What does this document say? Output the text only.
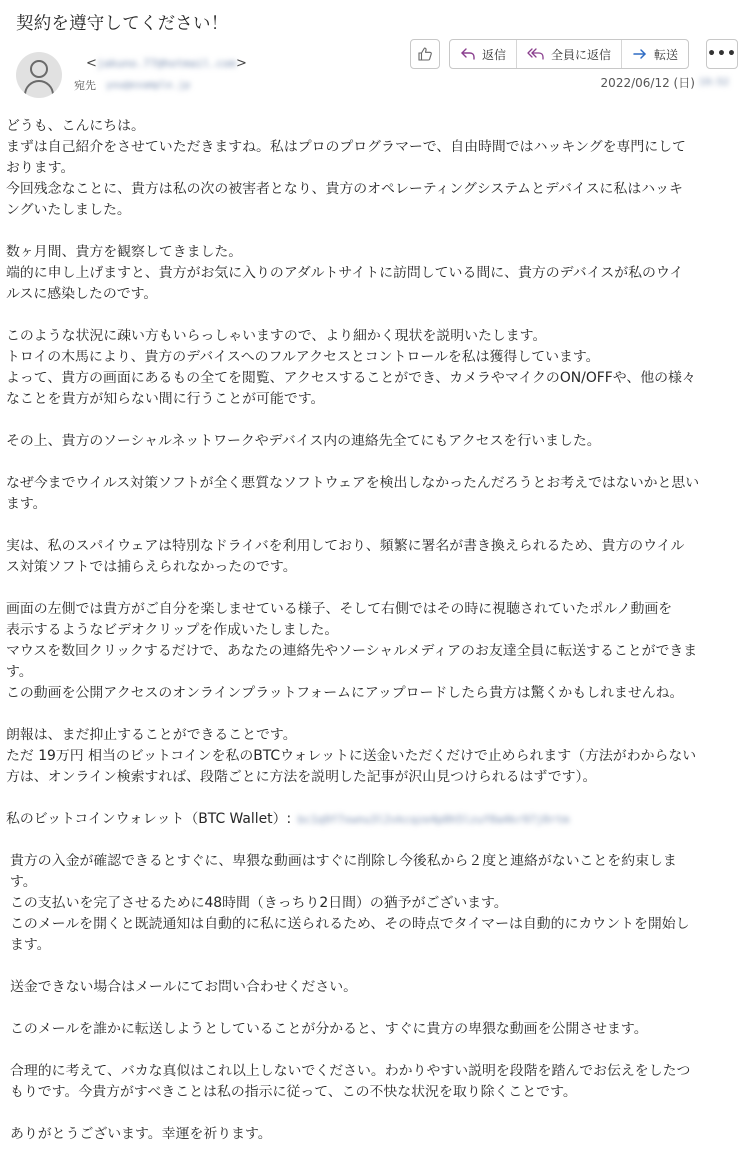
契約を遵守してください！
< jakuno.77@hotmail.com >
宛先 you@example.jp
返信	全員に返信	転送 •••
2022/06/12 (日) 19:52
どうも、こんにちは。
まずは自己紹介をさせていただきますね。私はプロのプログラマーで、自由時間ではハッキングを専門にして
おります。
今回残念なことに、貴方は私の次の被害者となり、貴方のオペレーティングシステムとデバイスに私はハッキ
ングいたしました。
数ヶ月間、貴方を観察してきました。
端的に申し上げますと、貴方がお気に入りのアダルトサイトに訪問している間に、貴方のデバイスが私のウイ
ルスに感染したのです。
このような状況に疎い方もいらっしゃいますので、より細かく現状を説明いたします。
トロイの木馬により、貴方のデバイスへのフルアクセスとコントロールを私は獲得しています。
よって、貴方の画面にあるもの全てを閲覧、アクセスすることができ、カメラやマイクのON/OFFや、他の様々
なことを貴方が知らない間に行うことが可能です。
その上、貴方のソーシャルネットワークやデバイス内の連絡先全てにもアクセスを行いました。
なぜ今までウイルス対策ソフトが全く悪質なソフトウェアを検出しなかったんだろうとお考えではないかと思い
ます。
実は、私のスパイウェアは特別なドライバを利用しており、頻繁に署名が書き換えられるため、貴方のウイル
ス対策ソフトでは捕らえられなかったのです。
画面の左側では貴方がご自分を楽しませている様子、そして右側ではその時に視聴されていたポルノ動画を
表示するようなビデオクリップを作成いたしました。
マウスを数回クリックするだけで、あなたの連絡先やソーシャルメディアのお友達全員に転送することができま
す。
この動画を公開アクセスのオンラインプラットフォームにアップロードしたら貴方は驚くかもしれませんね。
朗報は、まだ抑止することができることです。
ただ 19万円 相当のビットコインを私のBTCウォレットに送金いただくだけで止められます（方法がわからない
方は、オンライン検索すれば、段階ごとに方法を説明した記事が沢山見つけられるはずです）。
私のビットコインウォレット（BTC Wallet）: bc1q9f7xwnu3l2vkcqze4p0h5lzuf0a4kr97j0rtm
貴方の入金が確認できるとすぐに、卑猥な動画はすぐに削除し今後私から２度と連絡がないことを約束しま
す。
この支払いを完了させるために48時間（きっちり2日間）の猶予がございます。
このメールを開くと既読通知は自動的に私に送られるため、その時点でタイマーは自動的にカウントを開始し
ます。
送金できない場合はメールにてお問い合わせください。
このメールを誰かに転送しようとしていることが分かると、すぐに貴方の卑猥な動画を公開させます。
合理的に考えて、バカな真似はこれ以上しないでください。わかりやすい説明を段階を踏んでお伝えをしたつ
もりです。今貴方がすべきことは私の指示に従って、この不快な状況を取り除くことです。
ありがとうございます。幸運を祈ります。
